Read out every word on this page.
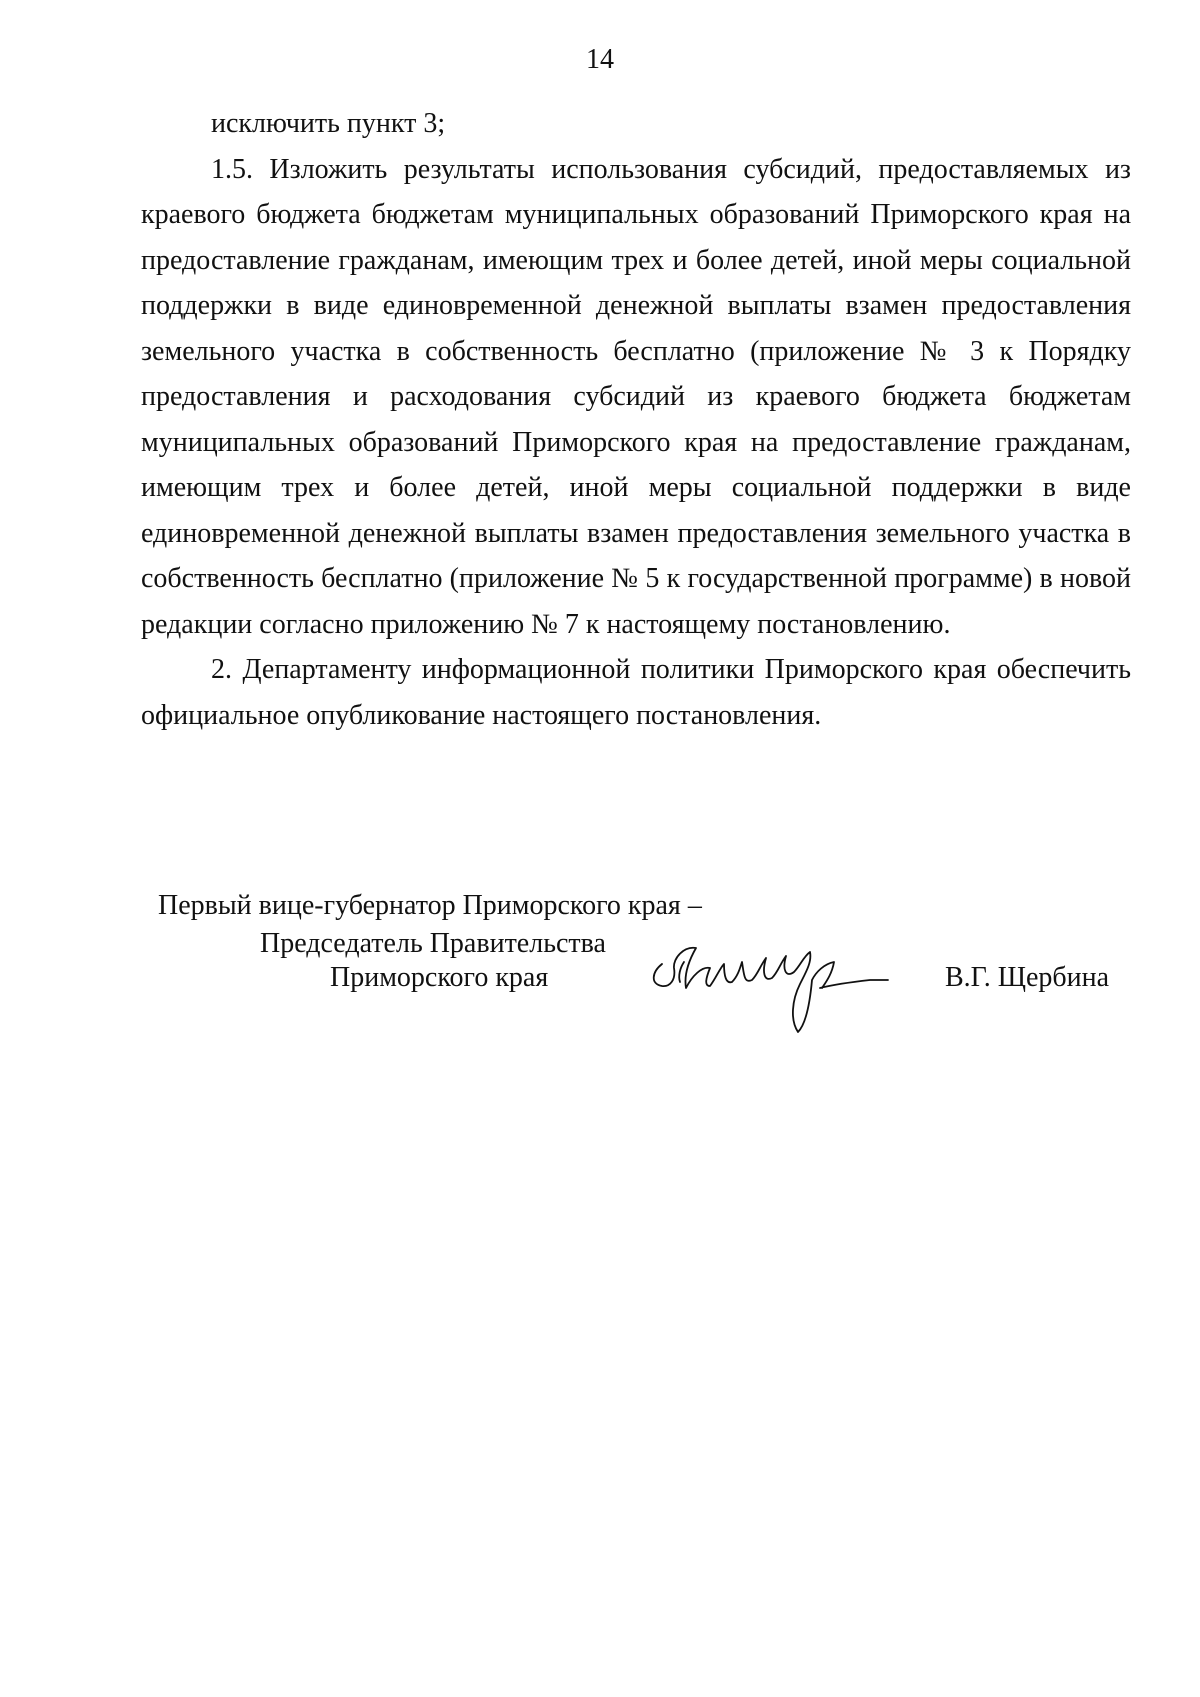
14

исключить пункт 3;

1.5. Изложить результаты использования субсидий, предоставляемых из краевого бюджета бюджетам муниципальных образований Приморского края на предоставление гражданам, имеющим трех и более детей, иной меры социальной поддержки в виде единовременной денежной выплаты взамен предоставления земельного участка в собственность бесплатно (приложение № 3 к Порядку предоставления и расходования субсидий из краевого бюджета бюджетам муниципальных образований Приморского края на предоставление гражданам, имеющим трех и более детей, иной меры социальной поддержки в виде единовременной денежной выплаты взамен предоставления земельного участка в собственность бесплатно (приложение № 5 к государственной программе) в новой редакции согласно приложению № 7 к настоящему постановлению.

2. Департаменту информационной политики Приморского края обеспечить официальное опубликование настоящего постановления.

Первый вице-губернатор Приморского края –
Председатель Правительства
Приморского края	В.Г. Щербина
